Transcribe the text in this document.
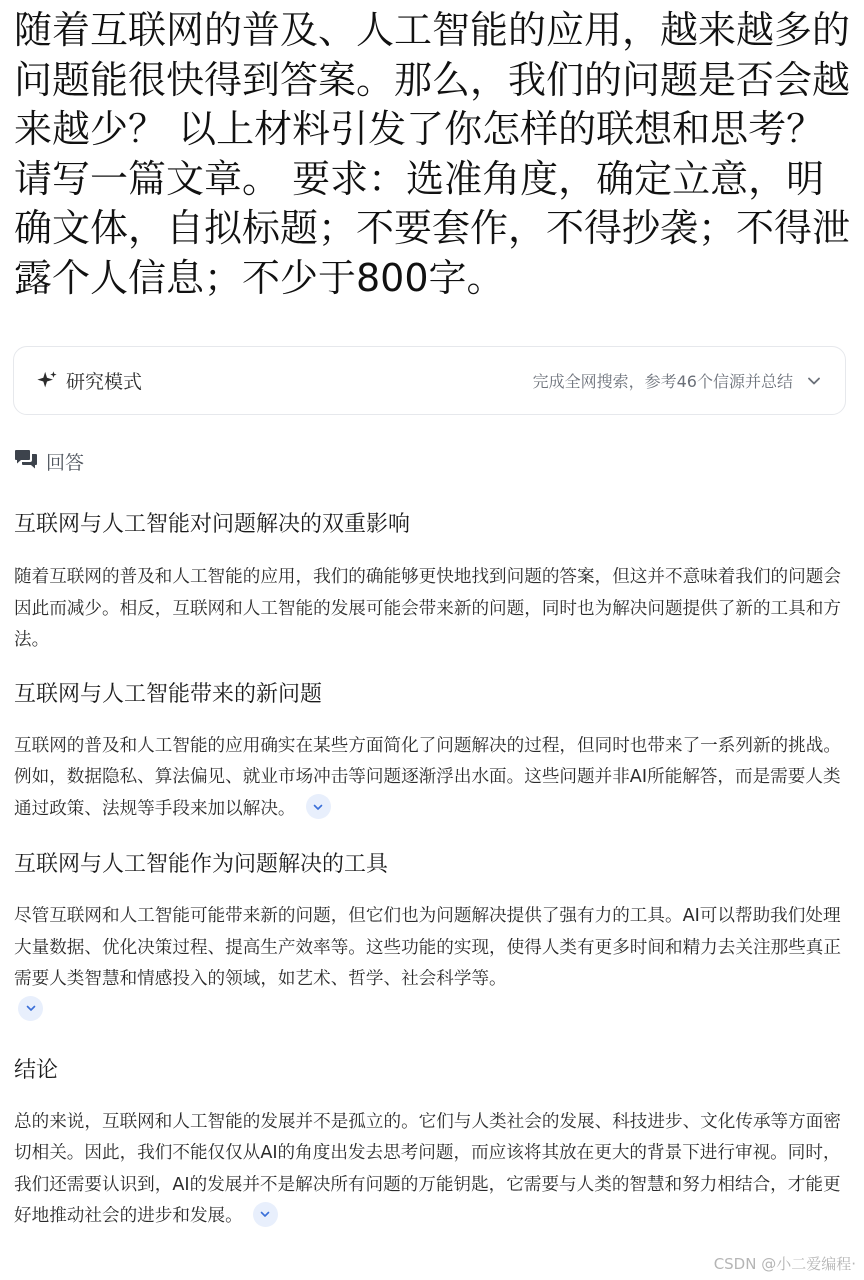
随着互联网的普及、人工智能的应用，越来越多的问题能很快得到答案。那么，我们的问题是否会越来越少？ 以上材料引发了你怎样的联想和思考？请写一篇文章。 要求：选准角度，确定立意，明确文体，自拟标题；不要套作，不得抄袭；不得泄露个人信息；不少于800字。
研究模式	完成全网搜索，参考46个信源并总结
回答
互联网与人工智能对问题解决的双重影响

随着互联网的普及和人工智能的应用，我们的确能够更快地找到问题的答案，但这并不意味着我们的问题会因此而减少。相反，互联网和人工智能的发展可能会带来新的问题，同时也为解决问题提供了新的工具和方法。

互联网与人工智能带来的新问题

互联网的普及和人工智能的应用确实在某些方面简化了问题解决的过程，但同时也带来了一系列新的挑战。例如，数据隐私、算法偏见、就业市场冲击等问题逐渐浮出水面。这些问题并非AI所能解答，而是需要人类通过政策、法规等手段来加以解决。

互联网与人工智能作为问题解决的工具

尽管互联网和人工智能可能带来新的问题，但它们也为问题解决提供了强有力的工具。AI可以帮助我们处理大量数据、优化决策过程、提高生产效率等。这些功能的实现，使得人类有更多时间和精力去关注那些真正需要人类智慧和情感投入的领域，如艺术、哲学、社会科学等。

结论

总的来说，互联网和人工智能的发展并不是孤立的。它们与人类社会的发展、科技进步、文化传承等方面密切相关。因此，我们不能仅仅从AI的角度出发去思考问题，而应该将其放在更大的背景下进行审视。同时，我们还需要认识到，AI的发展并不是解决所有问题的万能钥匙，它需要与人类的智慧和努力相结合，才能更好地推动社会的进步和发展。

CSDN @小二爱编程·
